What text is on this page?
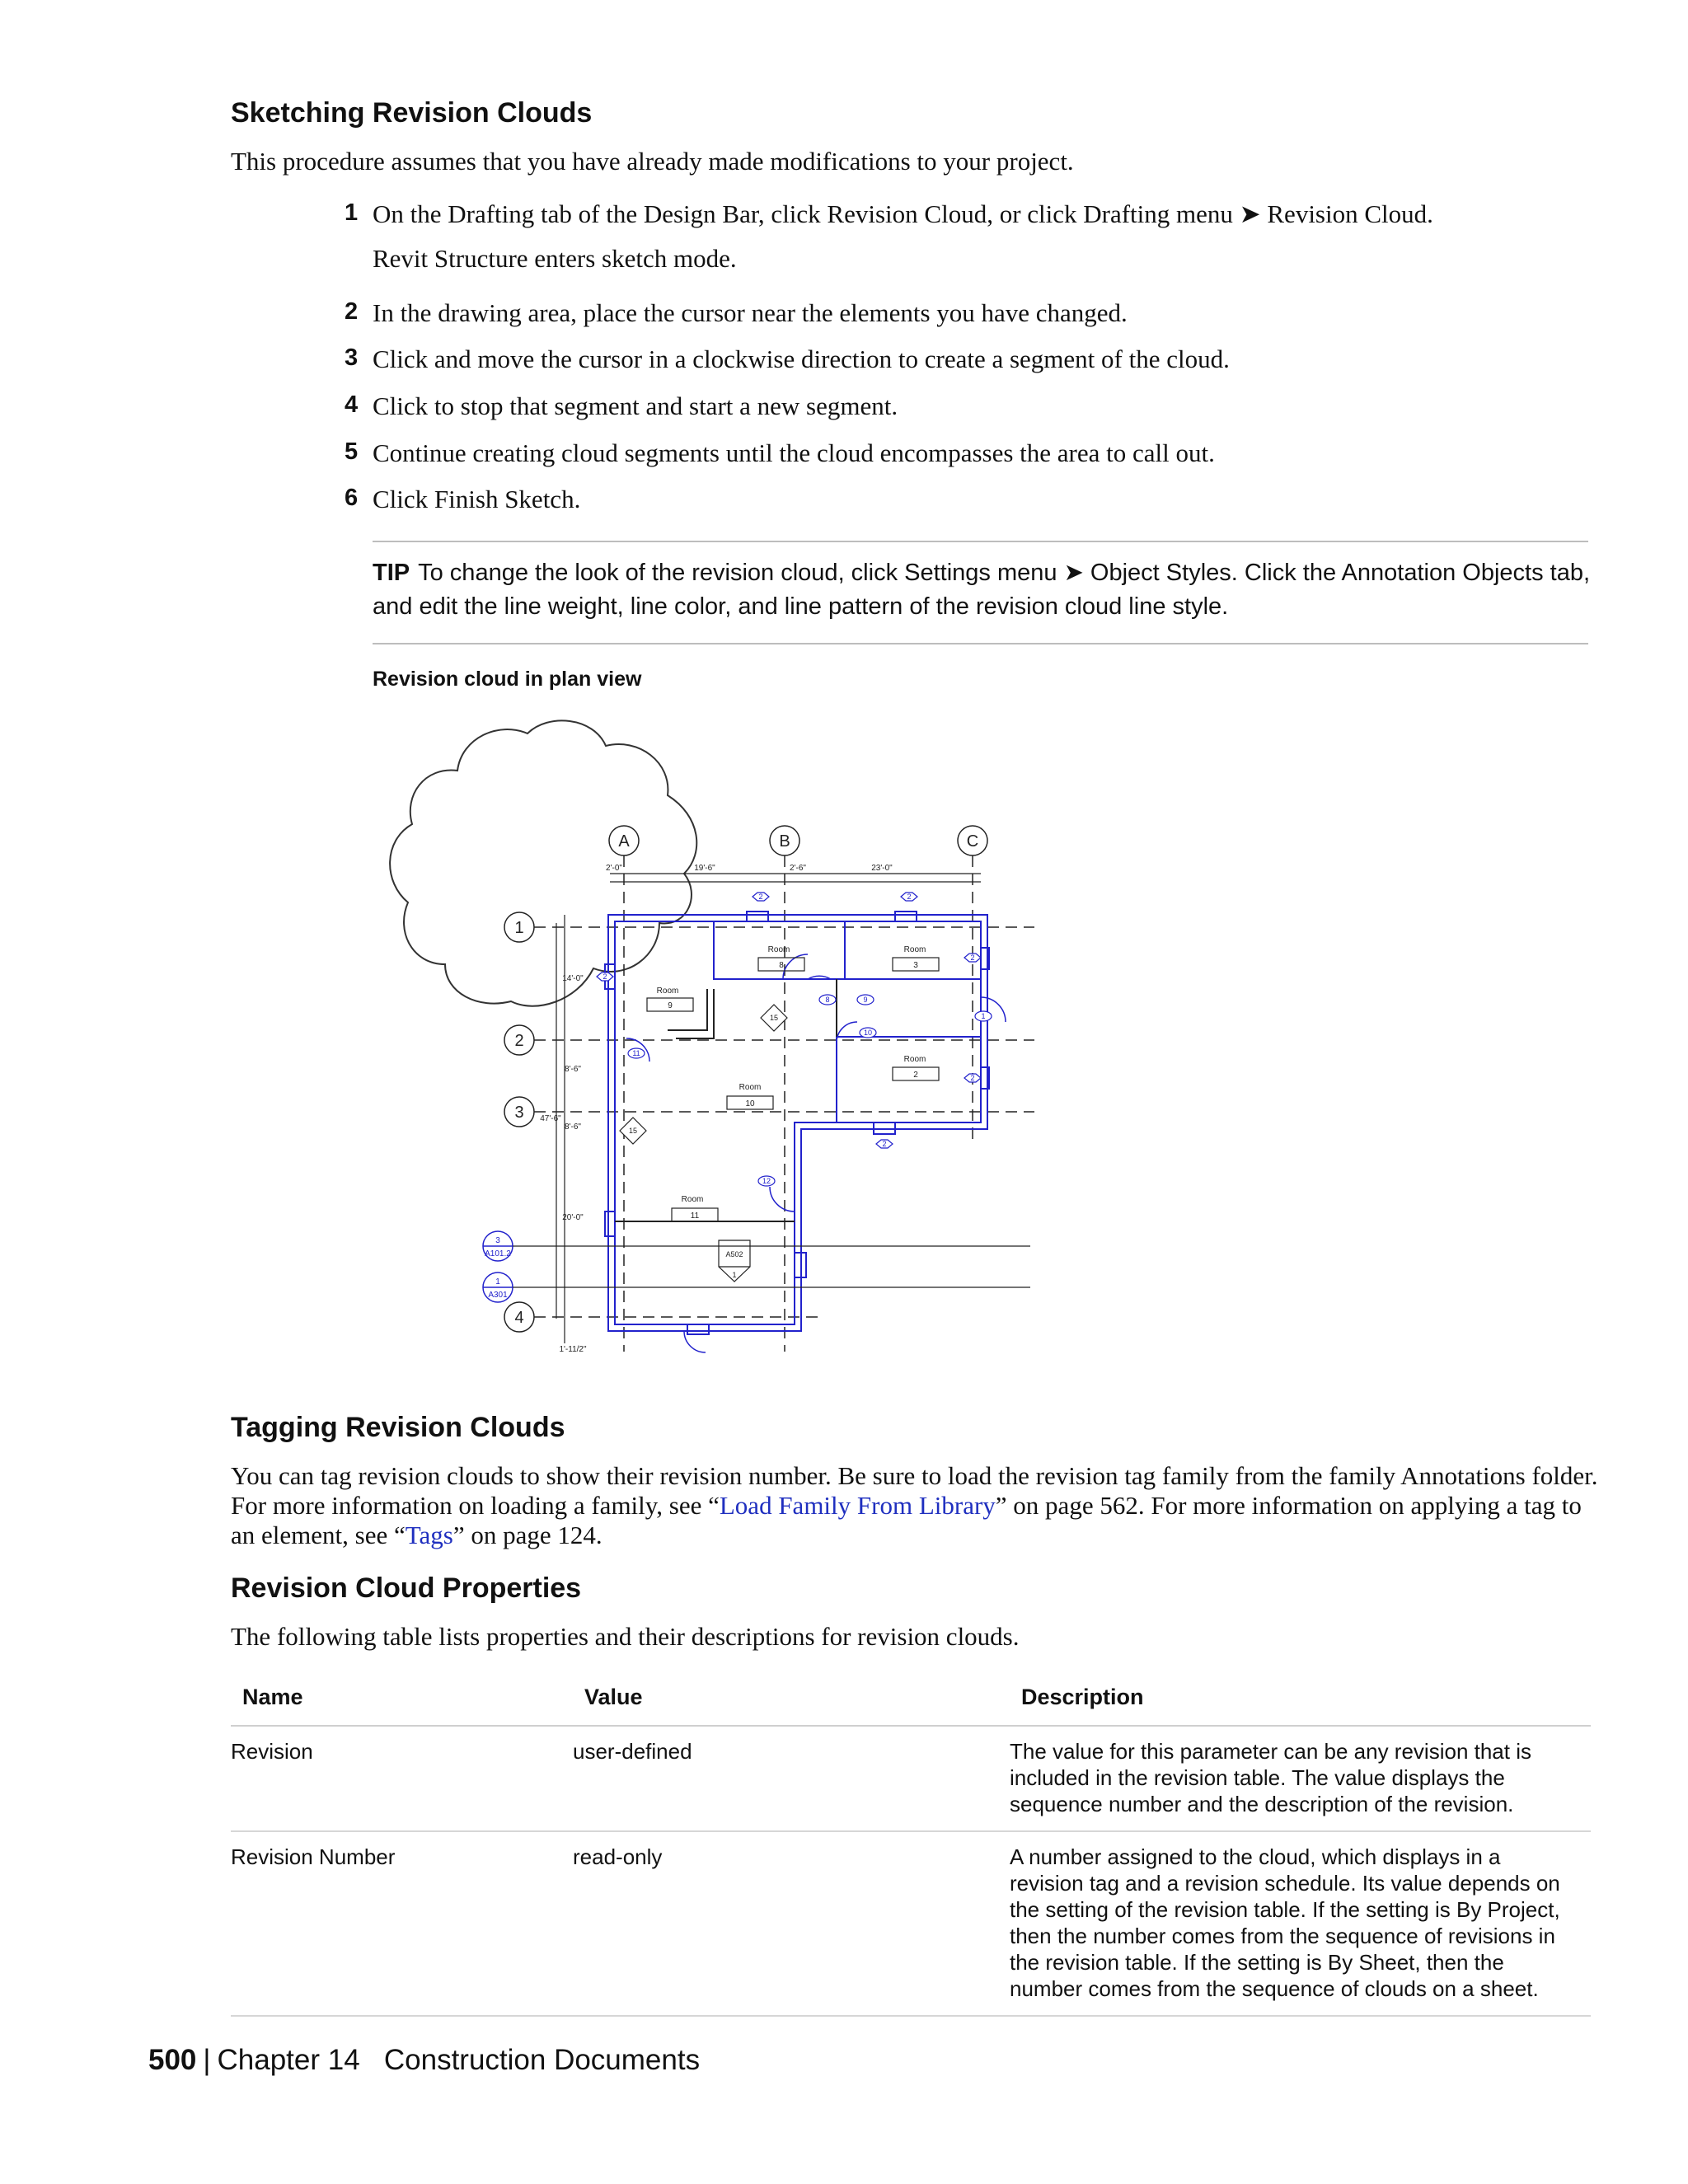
Sketching Revision Clouds

This procedure assumes that you have already made modifications to your project.

1 On the Drafting tab of the Design Bar, click Revision Cloud, or click Drafting menu ➤ Revision Cloud.
Revit Structure enters sketch mode.
2 In the drawing area, place the cursor near the elements you have changed.
3 Click and move the cursor in a clockwise direction to create a segment of the cloud.
4 Click to stop that segment and start a new segment.
5 Continue creating cloud segments until the cloud encompasses the area to call out.
6 Click Finish Sketch.
TIP To change the look of the revision cloud, click Settings menu ➤ Object Styles. Click the Annotation Objects tab, and edit the line weight, line color, and line pattern of the revision cloud line style.
Revision cloud in plan view
A	B	C
1
2
3
4
2'-0"	19'-6"	2'-6"	23'-0"
14'-0"
8'-6"
8'-6"
47'-6"
20'-0"
1'-11/2"
Room
Room	Room
Room
Room
Room
9
8	3
2
10
11
8	9
10
11
12
1
2	2
2
2
2
2
15
15
A502
1
3
A101.2
1
A301
Tagging Revision Clouds

You can tag revision clouds to show their revision number. Be sure to load the revision tag family from the family Annotations folder. For more information on loading a family, see “Load Family From Library” on page 562. For more information on applying a tag to an element, see “Tags” on page 124.

Revision Cloud Properties

The following table lists properties and their descriptions for revision clouds.

Name	Value	Description
Revision	user-defined	The value for this parameter can be any revision that is included in the revision table. The value displays the sequence number and the description of the revision.
Revision Number	read-only	A number assigned to the cloud, which displays in a revision tag and a revision schedule. Its value depends on the setting of the revision table. If the setting is By Project, then the number comes from the sequence of revisions in the revision table. If the setting is By Sheet, then the number comes from the sequence of clouds on a sheet.
500 | Chapter 14 Construction Documents
